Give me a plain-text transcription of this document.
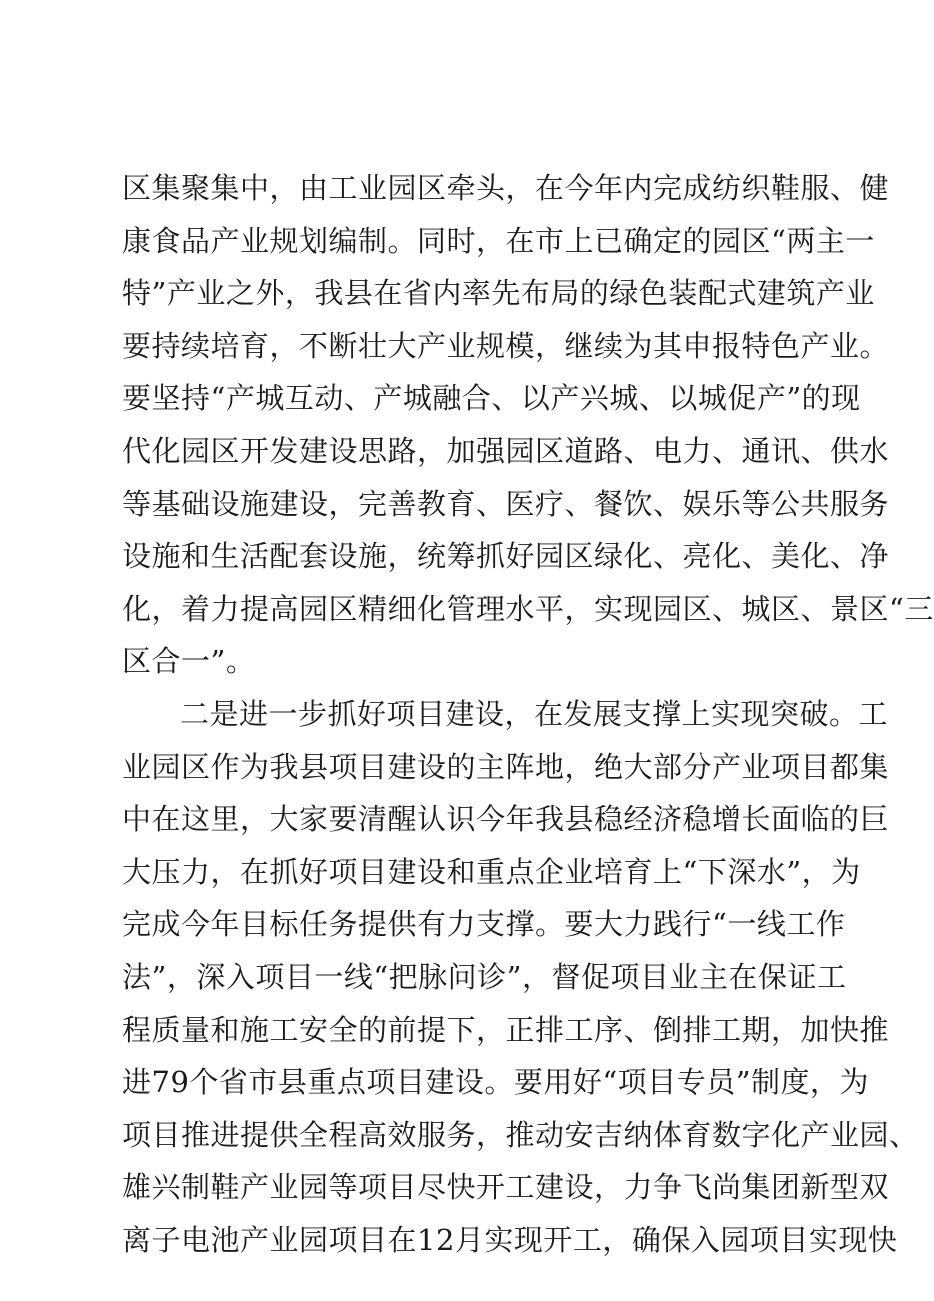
区集聚集中，由工业园区牵头，在今年内完成纺织鞋服、健
康食品产业规划编制。同时，在市上已确定的园区“两主一
特”产业之外，我县在省内率先布局的绿色装配式建筑产业
要持续培育，不断壮大产业规模，继续为其申报特色产业。
要坚持“产城互动、产城融合、以产兴城、以城促产”的现
代化园区开发建设思路，加强园区道路、电力、通讯、供水
等基础设施建设，完善教育、医疗、餐饮、娱乐等公共服务
设施和生活配套设施，统筹抓好园区绿化、亮化、美化、净
化，着力提高园区精细化管理水平，实现园区、城区、景区“三
区合一”。
二是进一步抓好项目建设，在发展支撑上实现突破。工
业园区作为我县项目建设的主阵地，绝大部分产业项目都集
中在这里，大家要清醒认识今年我县稳经济稳增长面临的巨
大压力，在抓好项目建设和重点企业培育上“下深水”，为
完成今年目标任务提供有力支撑。要大力践行“一线工作
法”，深入项目一线“把脉问诊”，督促项目业主在保证工
程质量和施工安全的前提下，正排工序、倒排工期，加快推
进79个省市县重点项目建设。要用好“项目专员”制度，为
项目推进提供全程高效服务，推动安吉纳体育数字化产业园、
雄兴制鞋产业园等项目尽快开工建设，力争飞尚集团新型双
离子电池产业园项目在12月实现开工，确保入园项目实现快
